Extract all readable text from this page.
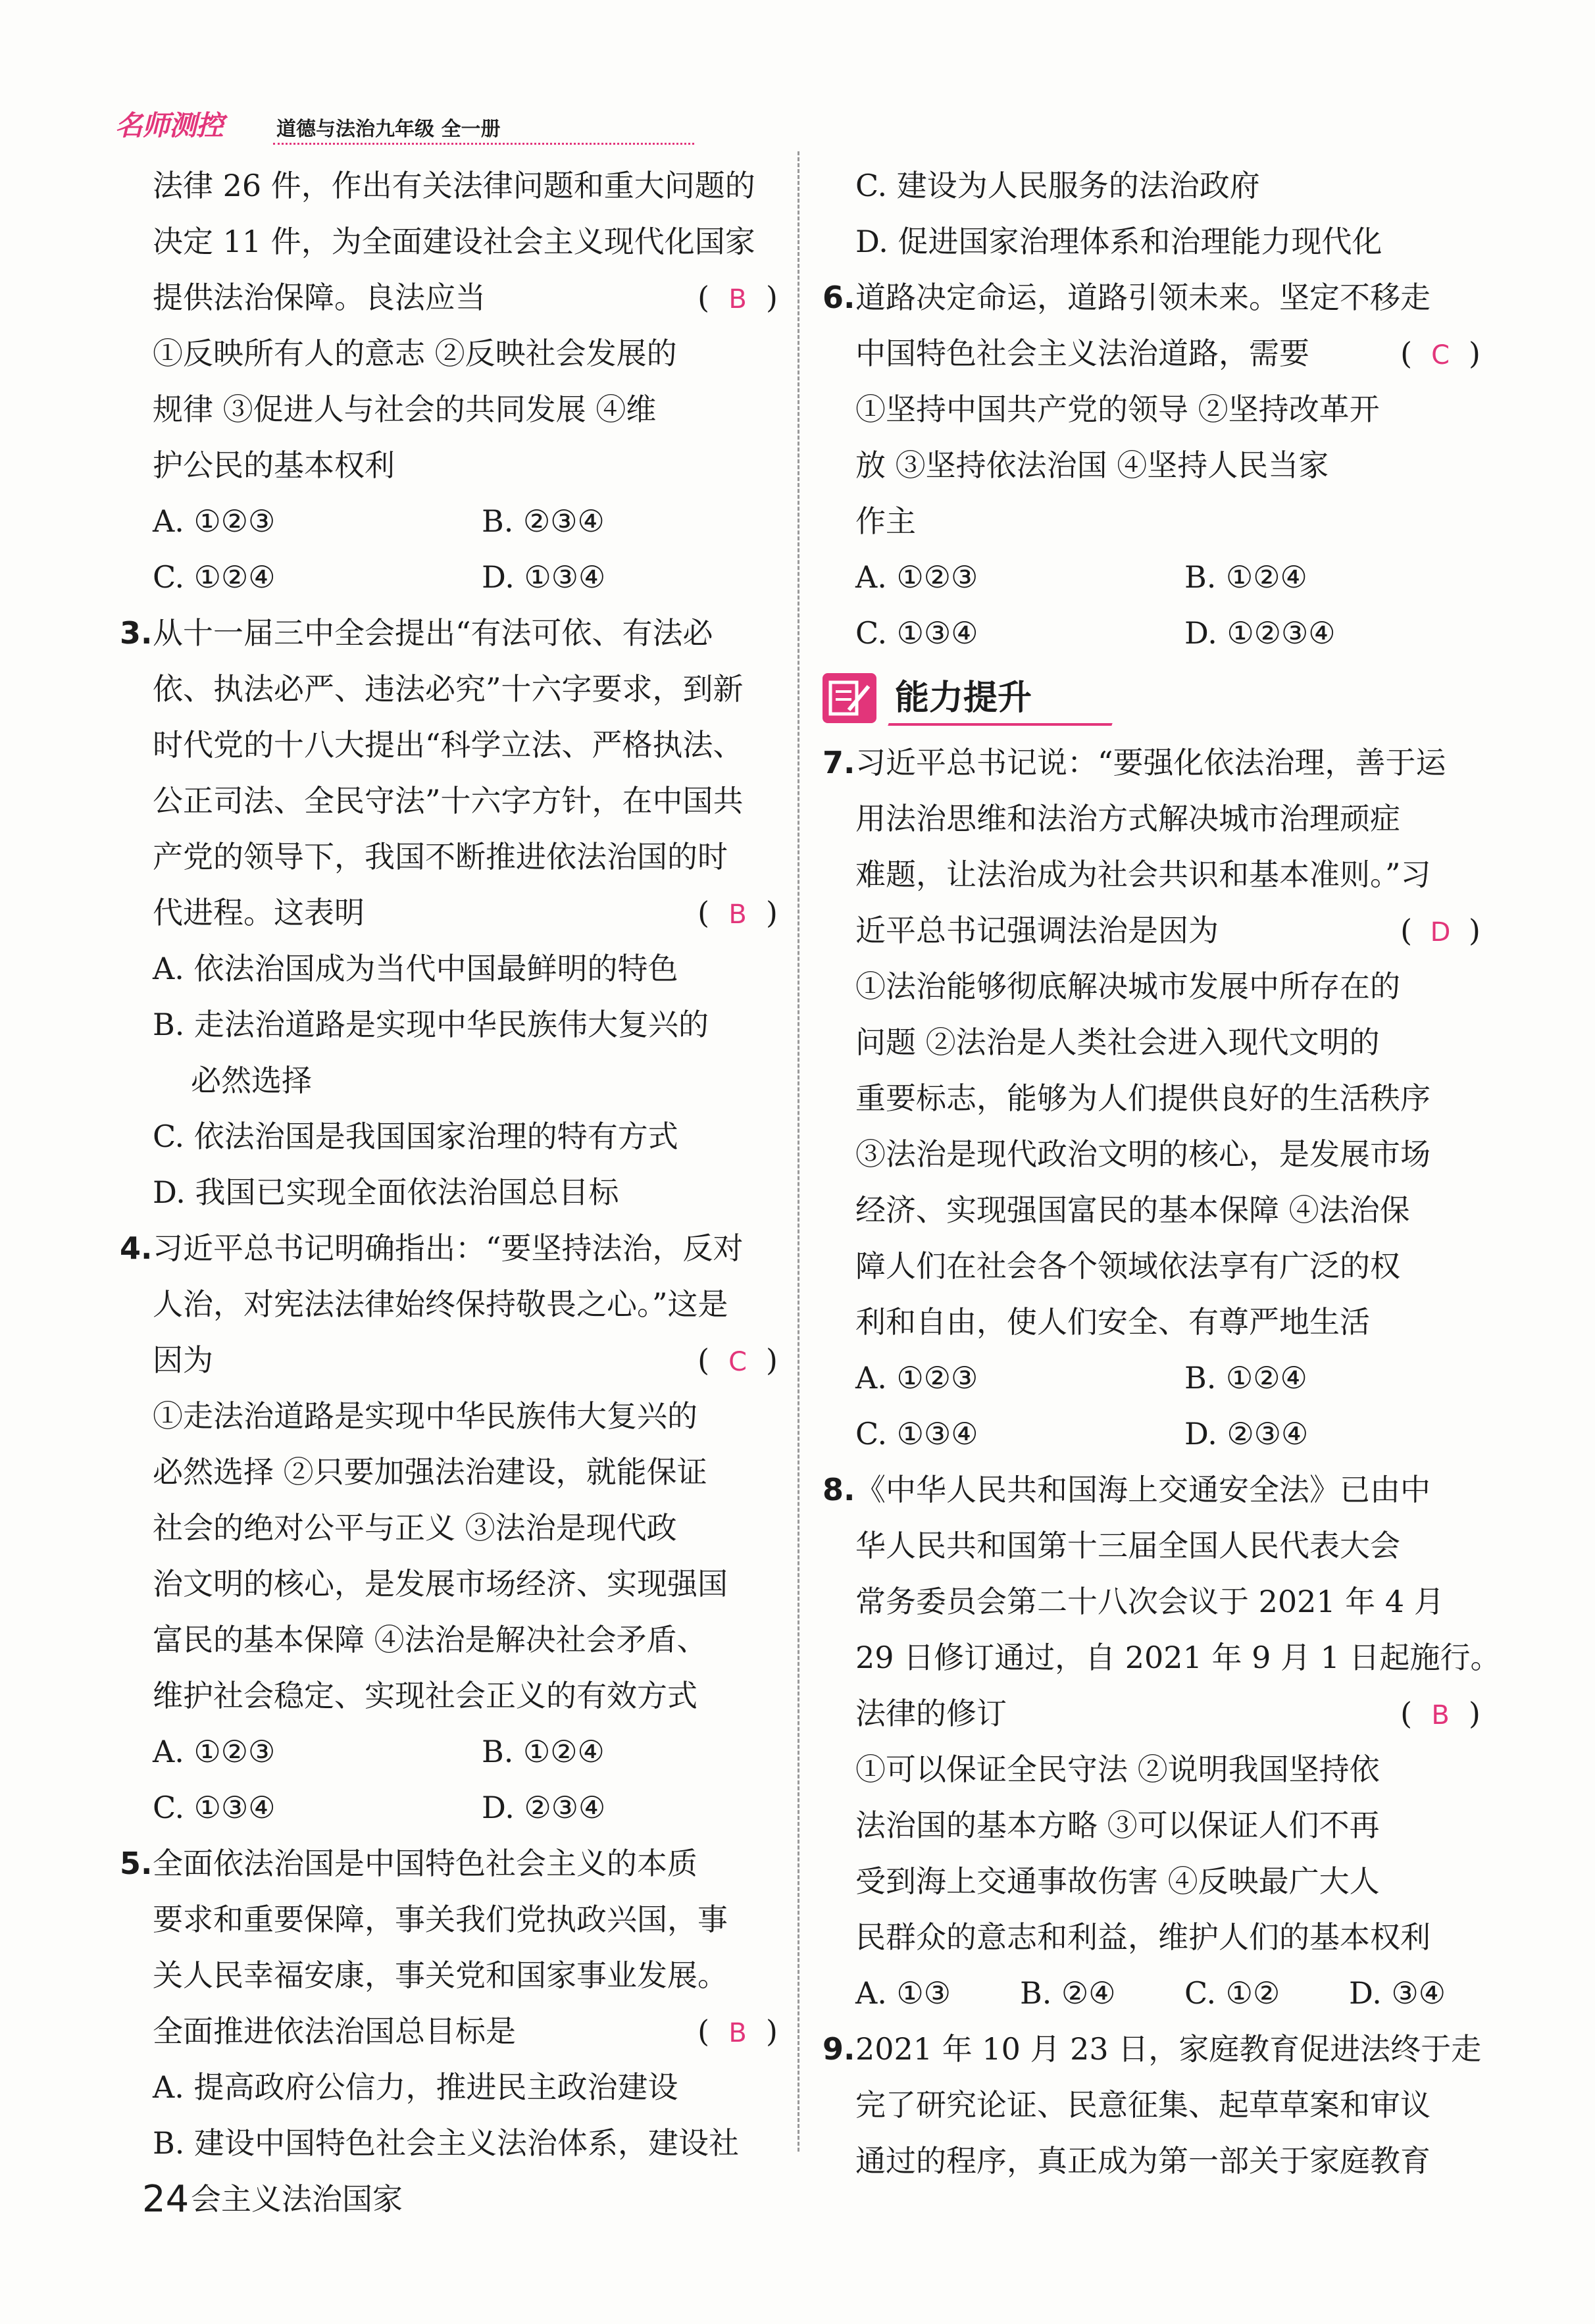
名师测控	道德与法治九年级 全一册
法律 26 件，作出有关法律问题和重大问题的
决定 11 件，为全面建设社会主义现代化国家
提供法治保障。良法应当	( B )
①反映所有人的意志 ②反映社会发展的
规律 ③促进人与社会的共同发展 ④维
护公民的基本权利
A. ①②③	B. ②③④
C. ①②④	D. ①③④
3. 从十一届三中全会提出“有法可依、有法必
依、执法必严、违法必究”十六字要求，到新
时代党的十八大提出“科学立法、严格执法、
公正司法、全民守法”十六字方针，在中国共
产党的领导下，我国不断推进依法治国的时
代进程。这表明	( B )
A. 依法治国成为当代中国最鲜明的特色
B. 走法治道路是实现中华民族伟大复兴的
必然选择
C. 依法治国是我国国家治理的特有方式
D. 我国已实现全面依法治国总目标
4. 习近平总书记明确指出：“要坚持法治，反对
人治，对宪法法律始终保持敬畏之心。”这是
因为	( C )
①走法治道路是实现中华民族伟大复兴的
必然选择 ②只要加强法治建设，就能保证
社会的绝对公平与正义 ③法治是现代政
治文明的核心，是发展市场经济、实现强国
富民的基本保障 ④法治是解决社会矛盾、
维护社会稳定、实现社会正义的有效方式
A. ①②③	B. ①②④
C. ①③④	D. ②③④
5. 全面依法治国是中国特色社会主义的本质
要求和重要保障，事关我们党执政兴国，事
关人民幸福安康，事关党和国家事业发展。
全面推进依法治国总目标是	( B )
A. 提高政府公信力，推进民主政治建设
B. 建设中国特色社会主义法治体系，建设社
会主义法治国家
C. 建设为人民服务的法治政府
D. 促进国家治理体系和治理能力现代化
6. 道路决定命运，道路引领未来。坚定不移走
中国特色社会主义法治道路，需要	( C )
①坚持中国共产党的领导 ②坚持改革开
放 ③坚持依法治国 ④坚持人民当家
作主
A. ①②③	B. ①②④
C. ①③④	D. ①②③④
能力提升
7. 习近平总书记说：“要强化依法治理，善于运
用法治思维和法治方式解决城市治理顽症
难题，让法治成为社会共识和基本准则。”习
近平总书记强调法治是因为	( D )
①法治能够彻底解决城市发展中所存在的
问题 ②法治是人类社会进入现代文明的
重要标志，能够为人们提供良好的生活秩序
③法治是现代政治文明的核心，是发展市场
经济、实现强国富民的基本保障 ④法治保
障人们在社会各个领域依法享有广泛的权
利和自由，使人们安全、有尊严地生活
A. ①②③	B. ①②④
C. ①③④	D. ②③④
8. 《中华人民共和国海上交通安全法》已由中
华人民共和国第十三届全国人民代表大会
常务委员会第二十八次会议于 2021 年 4 月
29 日修订通过，自 2021 年 9 月 1 日起施行。
法律的修订	( B )
①可以保证全民守法 ②说明我国坚持依
法治国的基本方略 ③可以保证人们不再
受到海上交通事故伤害 ④反映最广大人
民群众的意志和利益，维护人们的基本权利
A. ①③ B. ②④ C. ①② D. ③④
9. 2021 年 10 月 23 日，家庭教育促进法终于走
完了研究论证、民意征集、起草草案和审议
通过的程序，真正成为第一部关于家庭教育
24
